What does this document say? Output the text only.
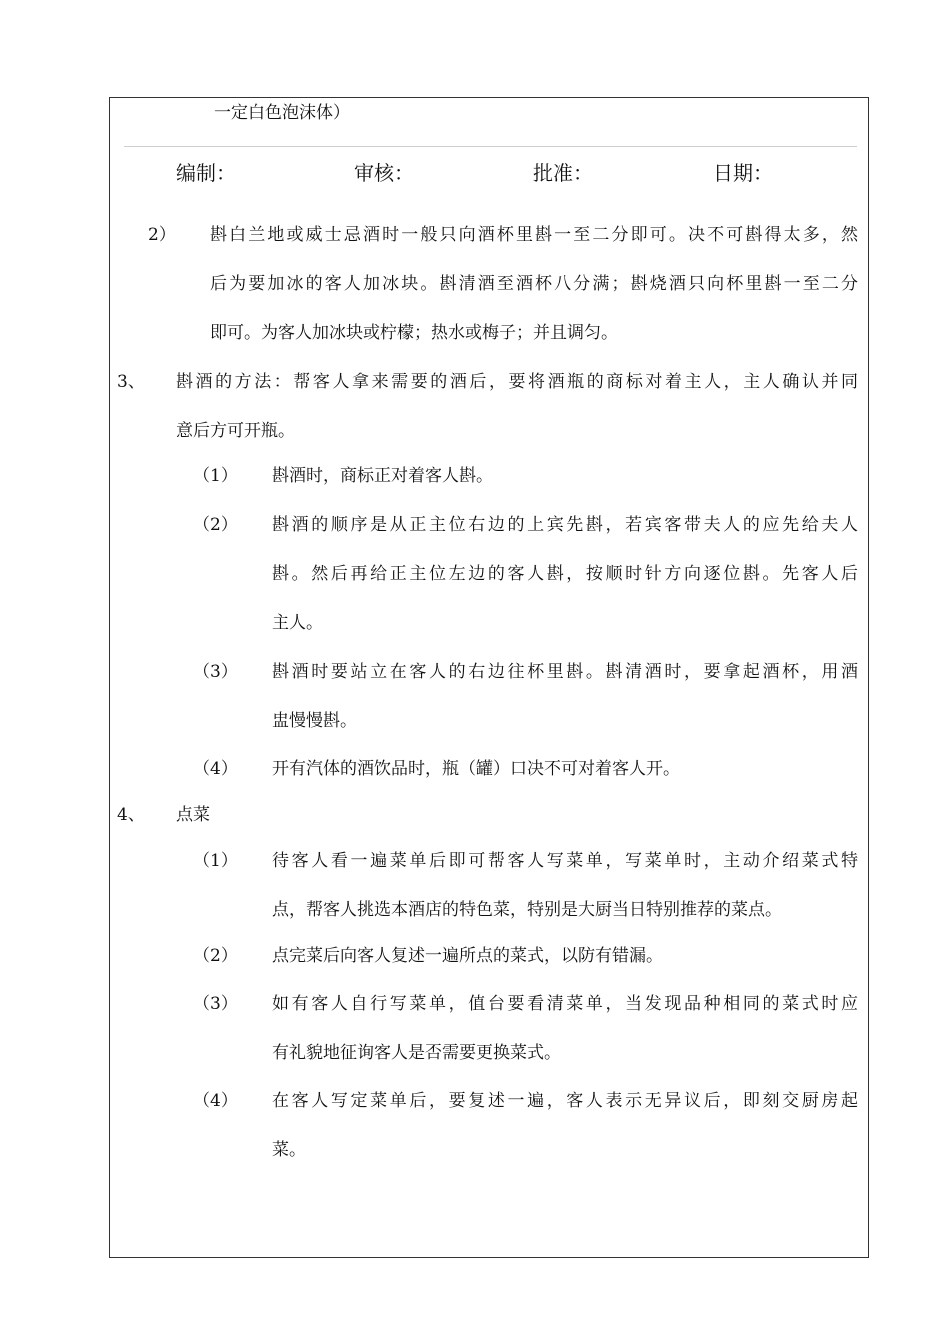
一定白色泡沫体）
编制：	审核：	批准：	日期：
2） 斟白兰地或威士忌酒时一般只向酒杯里斟一至二分即可。决不可斟得太多，然
后为要加冰的客人加冰块。斟清酒至酒杯八分满；斟烧酒只向杯里斟一至二分
即可。为客人加冰块或柠檬；热水或梅子；并且调匀。
3、 斟酒的方法：帮客人拿来需要的酒后，要将酒瓶的商标对着主人，主人确认并同
意后方可开瓶。
（1） 斟酒时，商标正对着客人斟。
（2） 斟酒的顺序是从正主位右边的上宾先斟，若宾客带夫人的应先给夫人
斟。然后再给正主位左边的客人斟，按顺时针方向逐位斟。先客人后
主人。
（3） 斟酒时要站立在客人的右边往杯里斟。斟清酒时，要拿起酒杯，用酒
盅慢慢斟。
（4） 开有汽体的酒饮品时，瓶（罐）口决不可对着客人开。
4、 点菜
（1） 待客人看一遍菜单后即可帮客人写菜单，写菜单时，主动介绍菜式特
点，帮客人挑选本酒店的特色菜，特别是大厨当日特别推荐的菜点。
（2） 点完菜后向客人复述一遍所点的菜式，以防有错漏。
（3） 如有客人自行写菜单，值台要看清菜单，当发现品种相同的菜式时应
有礼貌地征询客人是否需要更换菜式。
（4） 在客人写定菜单后，要复述一遍，客人表示无异议后，即刻交厨房起
菜。
